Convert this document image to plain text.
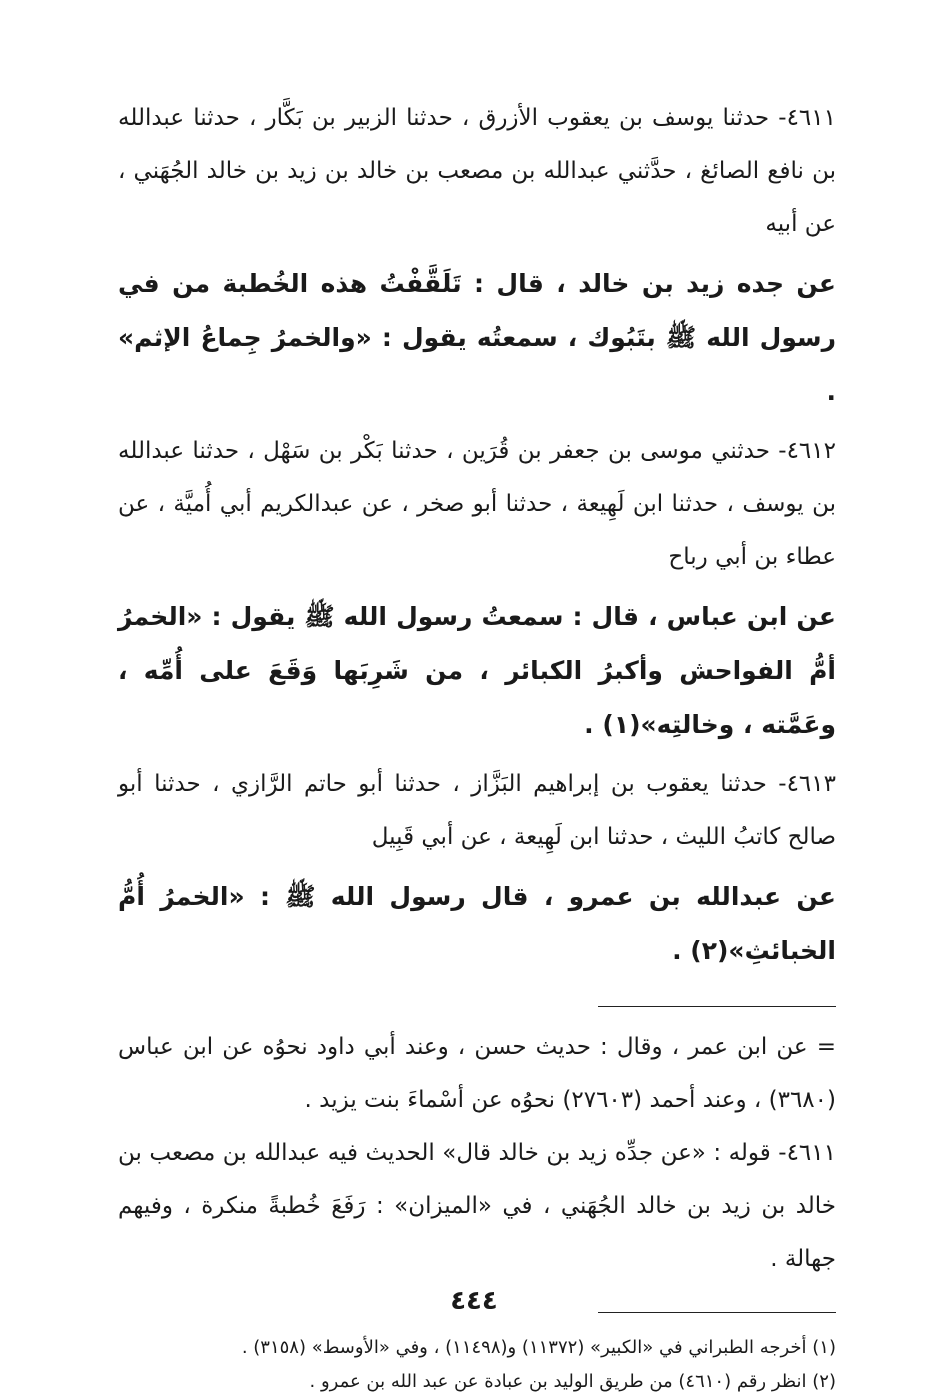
٤٦١١- حدثنا يوسف بن يعقوب الأزرق ، حدثنا الزبير بن بَكَّار ، حدثنا عبدالله بن نافع الصائغ ، حدَّثني عبدالله بن مصعب بن خالد بن زيد بن خالد الجُهَني ، عن أبيه

عن جده زيد بن خالد ، قال : تَلَقَّفْتُ هذه الخُطبة من في رسول الله ﷺ بتَبُوك ، سمعتُه يقول : «والخمرُ جِماعُ الإثم» .

٤٦١٢- حدثني موسى بن جعفر بن قُرَين ، حدثنا بَكْر بن سَهْل ، حدثنا عبدالله بن يوسف ، حدثنا ابن لَهِيعة ، حدثنا أبو صخر ، عن عبدالكريم أبي أُميَّة ، عن عطاء بن أبي رباح

عن ابن عباس ، قال : سمعتُ رسول الله ﷺ يقول : «الخمرُ أمُّ الفواحش وأكبرُ الكبائر ، من شَرِبَها وَقَعَ على أُمِّه ، وعَمَّته ، وخالتِه»(١) .

٤٦١٣- حدثنا يعقوب بن إبراهيم البَزَّاز ، حدثنا أبو حاتم الرَّازي ، حدثنا أبو صالح كاتبُ الليث ، حدثنا ابن لَهِيعة ، عن أبي قَبِيل

عن عبدالله بن عمرو ، قال رسول الله ﷺ : «الخمرُ أُمُّ الخبائثِ»(٢) .

= عن ابن عمر ، وقال : حديث حسن ، وعند أبي داود نحوُه عن ابن عباس (٣٦٨٠) ، وعند أحمد (٢٧٦٠٣) نحوُه عن أسْماءَ بنت يزيد .

٤٦١١- قوله : «عن جدِّه زيد بن خالد قال» الحديث فيه عبدالله بن مصعب بن خالد بن زيد بن خالد الجُهَني ، في «الميزان» : رَفَعَ خُطبةً منكرة ، وفيهم جهالة .

(١) أخرجه الطبراني في «الكبير» (١١٣٧٢) و(١١٤٩٨) ، وفي «الأوسط» (٣١٥٨) .

(٢) انظر رقم (٤٦١٠) من طريق الوليد بن عبادة عن عبد الله بن عمرو .

٤٤٤
